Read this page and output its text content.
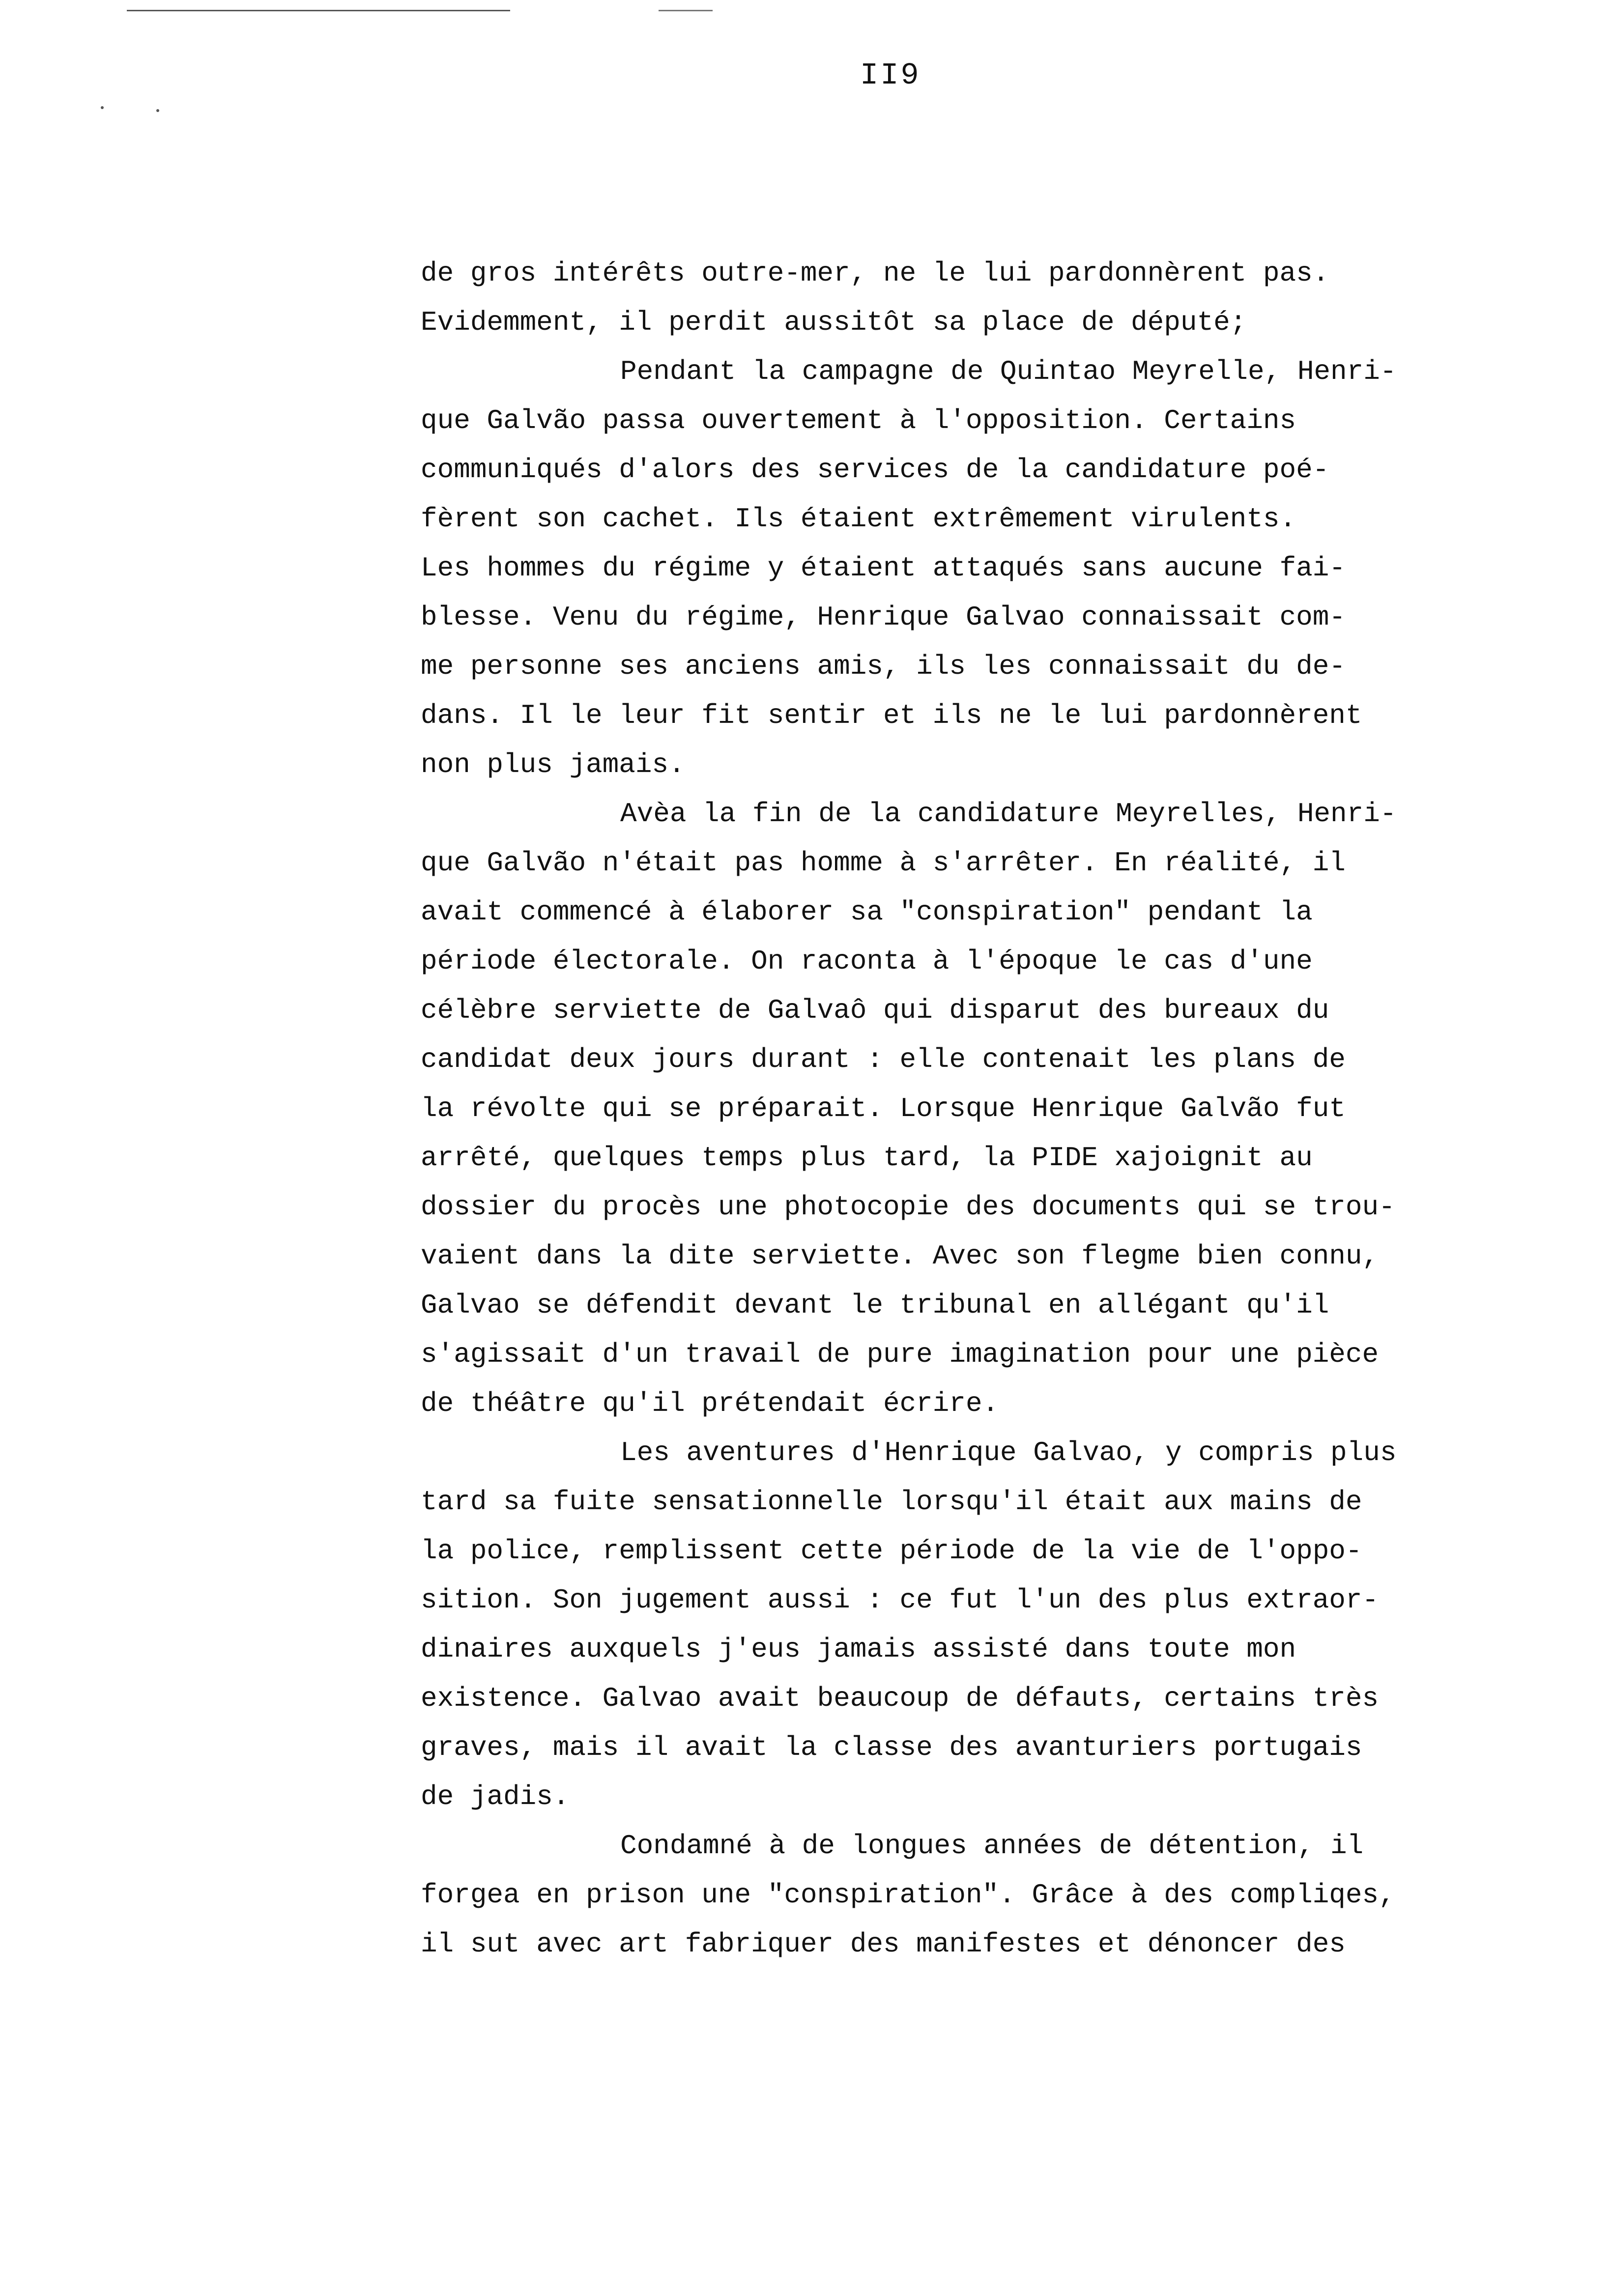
II9
de gros intérêts outre-mer, ne le lui pardonnèrent pas.
Evidemment, il perdit aussitôt sa place de député;
Pendant la campagne de Quintao Meyrelle, Henri-
que Galvão passa ouvertement à l'opposition. Certains
communiqués d'alors des services de la candidature poé-
fèrent son cachet. Ils étaient extrêmement virulents.
Les hommes du régime y étaient attaqués sans aucune fai-
blesse. Venu du régime, Henrique Galvao connaissait com-
me personne ses anciens amis, ils les connaissait du de-
dans. Il le leur fit sentir et ils ne le lui pardonnèrent
non plus jamais.
Avèa la fin de la candidature Meyrelles, Henri-
que Galvão n'était pas homme à s'arrêter. En réalité, il
avait commencé à élaborer sa "conspiration" pendant la
période électorale. On raconta à l'époque le cas d'une
célèbre serviette de Galvaô qui disparut des bureaux du
candidat deux jours durant : elle contenait les plans de
la révolte qui se préparait. Lorsque Henrique Galvão fut
arrêté, quelques temps plus tard, la PIDE xajoignit au
dossier du procès une photocopie des documents qui se trou-
vaient dans la dite serviette. Avec son flegme bien connu,
Galvao se défendit devant le tribunal en allégant qu'il
s'agissait d'un travail de pure imagination pour une pièce
de théâtre qu'il prétendait écrire.
Les aventures d'Henrique Galvao, y compris plus
tard sa fuite sensationnelle lorsqu'il était aux mains de
la police, remplissent cette période de la vie de l'oppo-
sition. Son jugement aussi : ce fut l'un des plus extraor-
dinaires auxquels j'eus jamais assisté dans toute mon
existence. Galvao avait beaucoup de défauts, certains très
graves, mais il avait la classe des avanturiers portugais
de jadis.
Condamné à de longues années de détention, il
forgea en prison une "conspiration". Grâce à des compliqes,
il sut avec art fabriquer des manifestes et dénoncer des
